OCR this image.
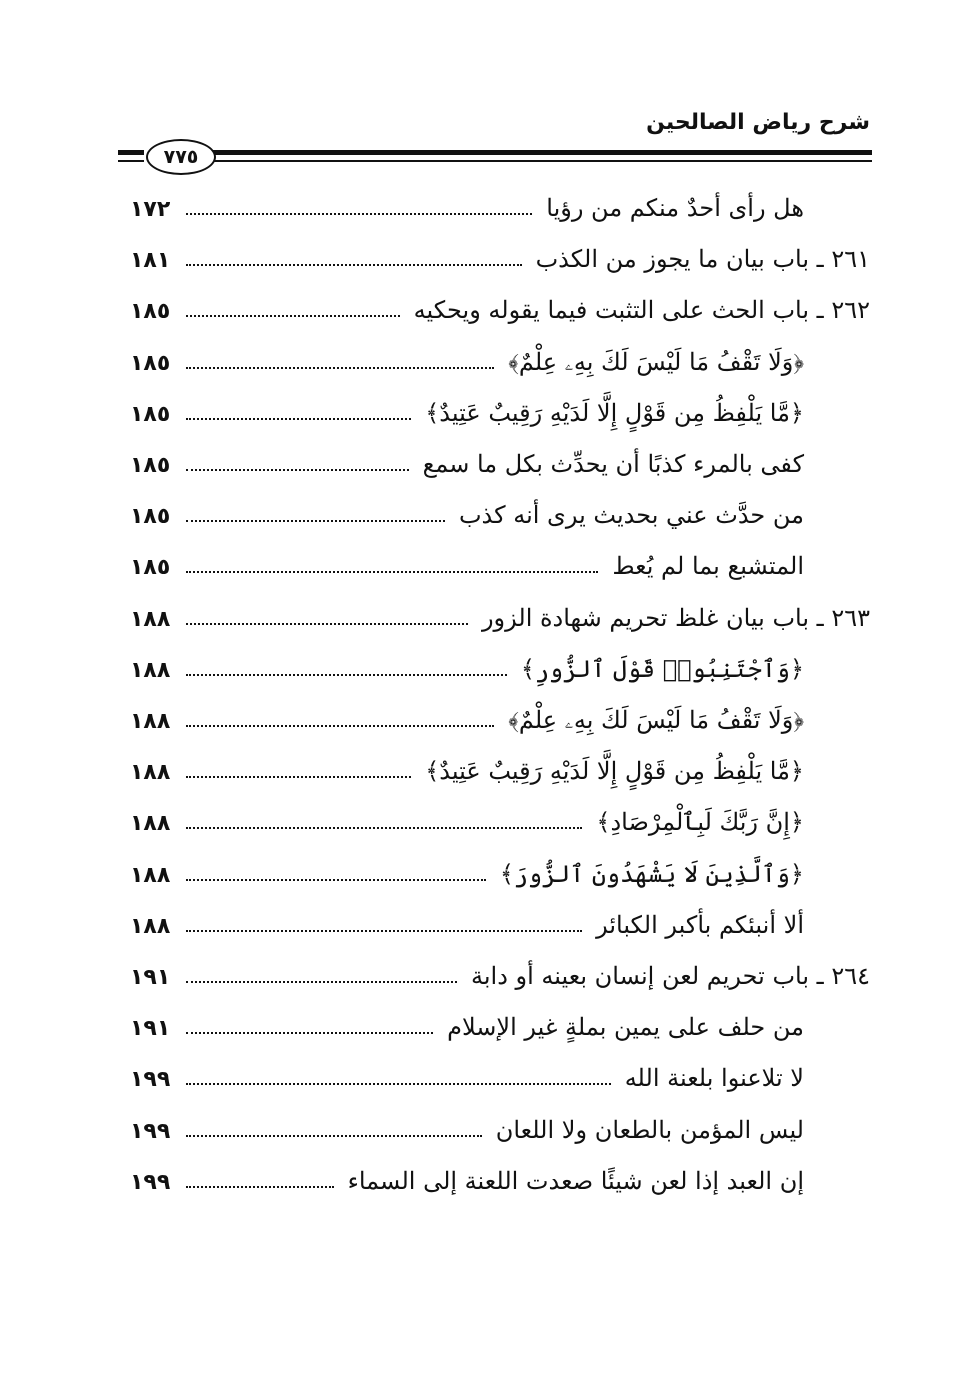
شرح رياض الصالحين
٧٧٥
هل رأى أحدٌ منكم من رؤيا
١٧٢
٢٦١ ـ باب بيان ما يجوز من الكذب
١٨١
٢٦٢ ـ باب الحث على التثبت فيما يقوله ويحكيه
١٨٥
﴿وَلَا تَقْفُ مَا لَيْسَ لَكَ بِهِۦ عِلْمٌ﴾
١٨٥
﴿مَّا يَلْفِظُ مِن قَوْلٍ إِلَّا لَدَيْهِ رَقِيبٌ عَتِيدٌ﴾
١٨٥
كفى بالمرء كذبًا أن يحدِّث بكل ما سمع
١٨٥
من حدَّث عني بحديث يرى أنه كذب
١٨٥
المتشبع بما لم يُعط
١٨٥
٢٦٣ ـ باب بيان غلظ تحريم شهادة الزور
١٨٨
﴿وَٱجْتَنِبُوا۟ قَوْلَ ٱلزُّورِ﴾
١٨٨
﴿وَلَا تَقْفُ مَا لَيْسَ لَكَ بِهِۦ عِلْمٌ﴾
١٨٨
﴿مَّا يَلْفِظُ مِن قَوْلٍ إِلَّا لَدَيْهِ رَقِيبٌ عَتِيدٌ﴾
١٨٨
﴿إِنَّ رَبَّكَ لَبِٱلْمِرْصَادِ﴾
١٨٨
﴿وَٱلَّذِينَ لَا يَشْهَدُونَ ٱلزُّورَ﴾
١٨٨
ألا أنبئكم بأكبر الكبائر
١٨٨
٢٦٤ ـ باب تحريم لعن إنسان بعينه أو دابة
١٩١
من حلف على يمين بملةٍ غير الإسلام
١٩١
لا تلاعنوا بلعنة الله
١٩٩
ليس المؤمن بالطعان ولا اللعان
١٩٩
إن العبد إذا لعن شيئًا صعدت اللعنة إلى السماء
١٩٩
